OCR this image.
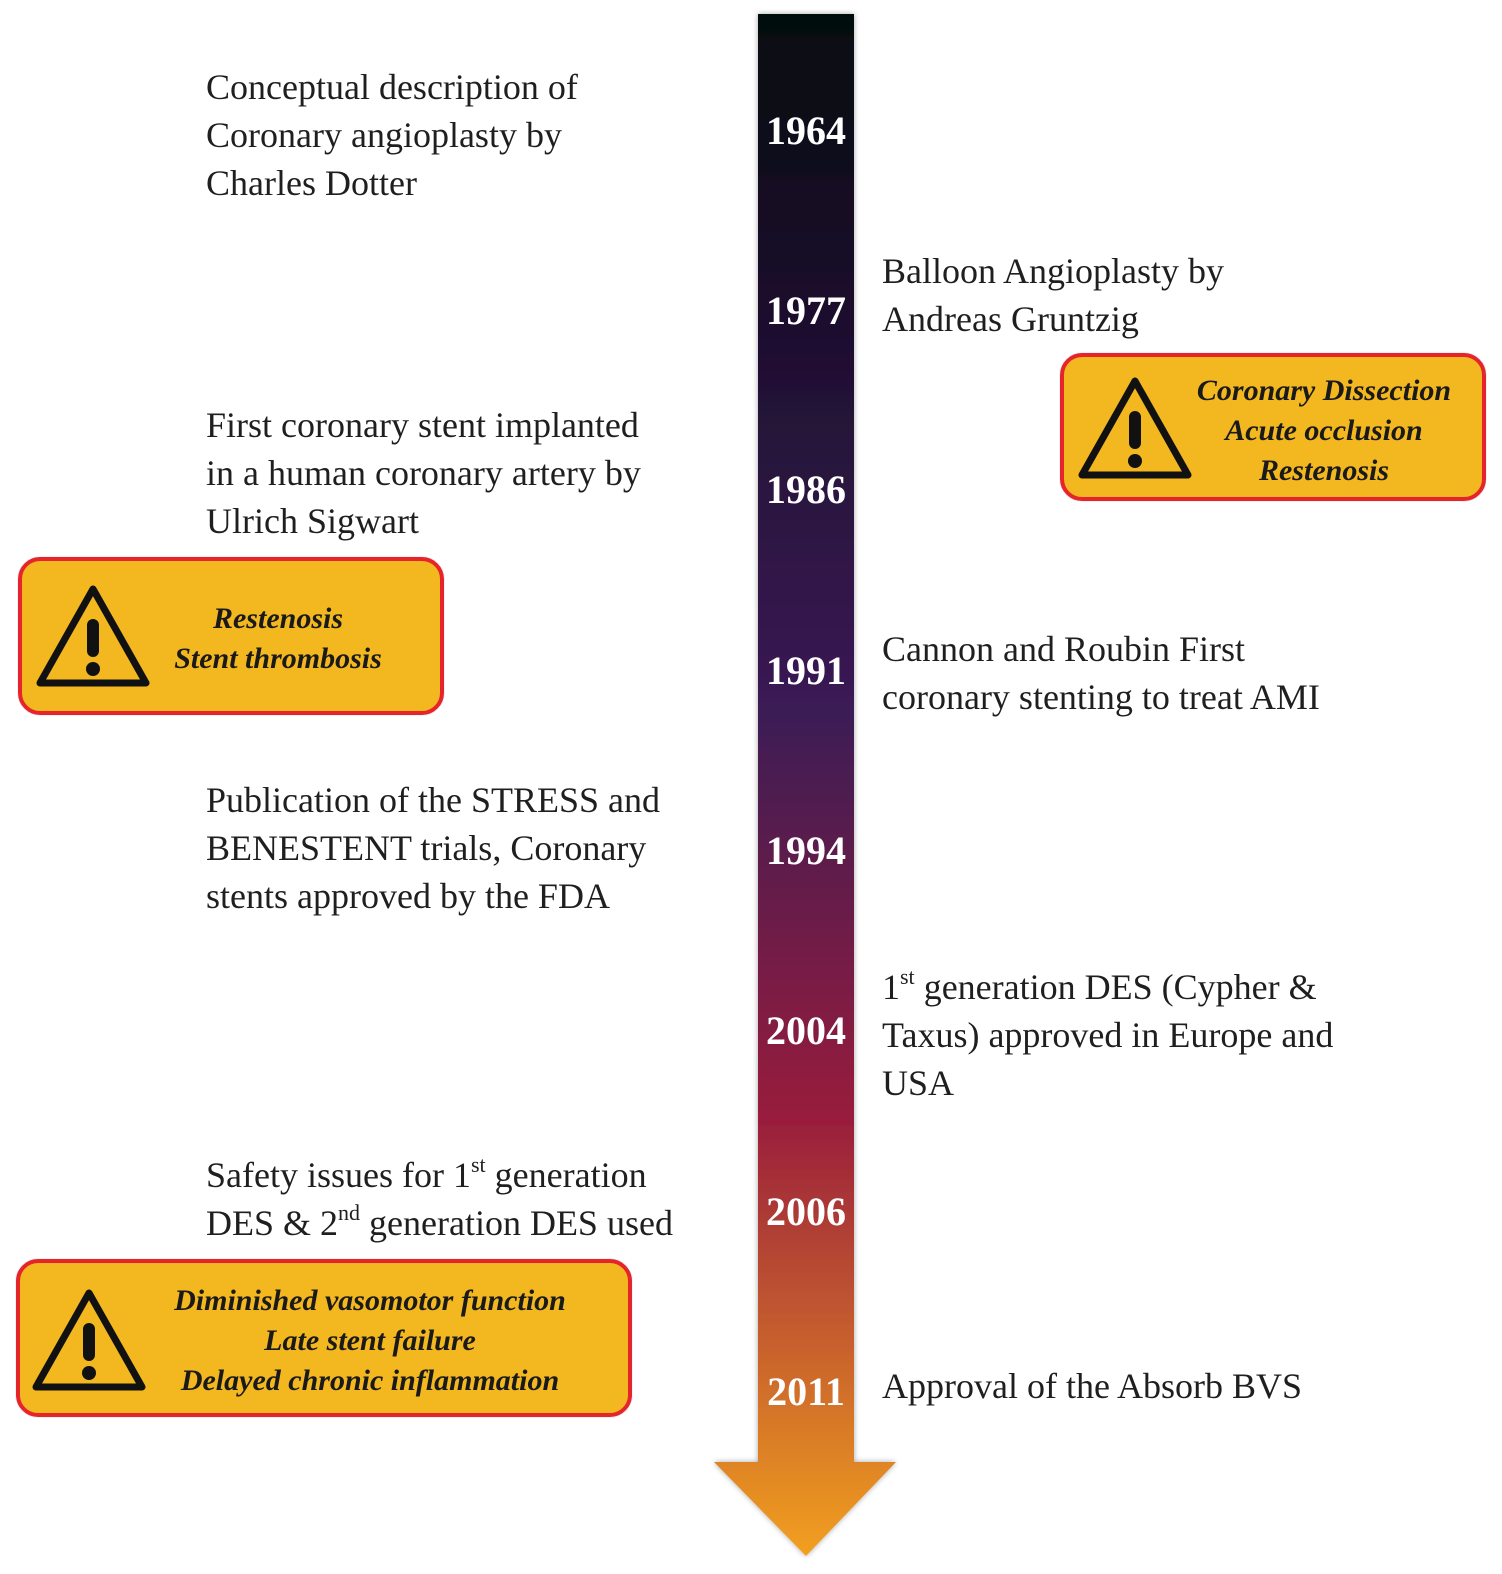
1964
1977
1986
1991
1994
2004
2006
2011
Conceptual description of
Coronary angioplasty by
Charles Dotter
First coronary stent implanted
in a human coronary artery by
Ulrich Sigwart
Publication of the STRESS and
BENESTENT trials, Coronary
stents approved by the FDA
Safety issues for 1st generation
DES & 2nd generation DES used
Balloon Angioplasty by
Andreas Gruntzig
Cannon and Roubin First
coronary stenting to treat AMI
1st generation DES (Cypher &
Taxus) approved in Europe and
USA
Approval of the Absorb BVS
Coronary Dissection
Acute occlusion
Restenosis
Restenosis
Stent thrombosis
Diminished vasomotor function
Late stent failure
Delayed chronic inflammation
